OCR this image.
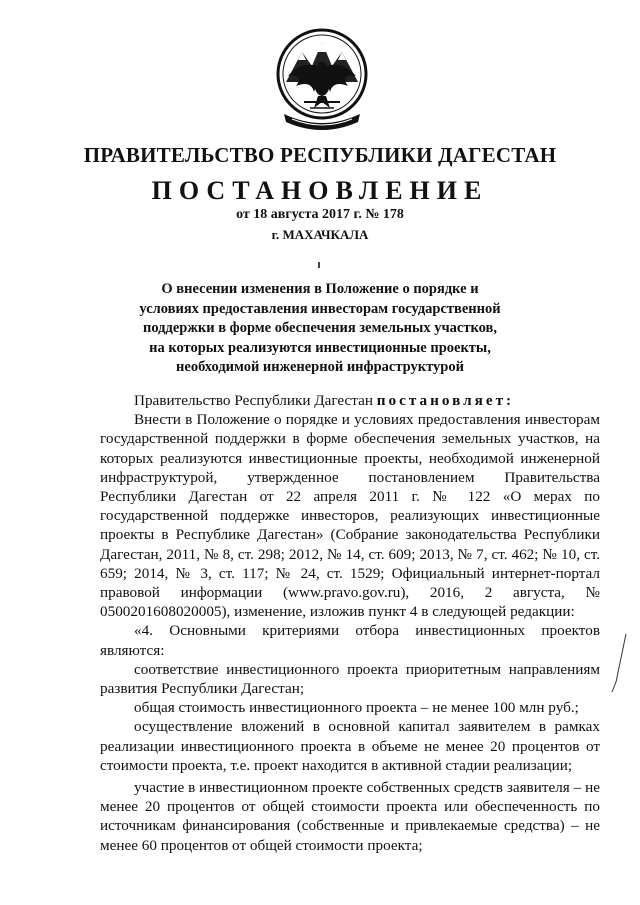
ПРАВИТЕЛЬСТВО РЕСПУБЛИКИ ДАГЕСТАН
ПОСТАНОВЛЕНИЕ
от 18 августа 2017 г. № 178
г. МАХАЧКАЛА
О внесении изменения в Положение о порядке и
условиях предоставления инвесторам государственной
поддержки в форме обеспечения земельных участков,
на которых реализуются инвестиционные проекты,
необходимой инженерной инфраструктурой

Правительство Республики Дагестан постановляет:

Внести в Положение о порядке и условиях предоставления инвесторам государственной поддержки в форме обеспечения земельных участков, на которых реализуются инвестиционные проекты, необходимой инженерной инфраструктурой, утвержденное постановлением Правительства Республики Дагестан от 22 апреля 2011 г. № 122 «О мерах по государственной поддержке инвесторов, реализующих инвестиционные проекты в Республике Дагестан» (Собрание законодательства Республики Дагестан, 2011, № 8, ст. 298; 2012, № 14, ст. 609; 2013, № 7, ст. 462; № 10, ст. 659; 2014, № 3, ст. 117; № 24, ст. 1529; Официальный интернет-портал правовой информации (www.pravo.gov.ru), 2016, 2 августа, № 0500201608020005), изменение, изложив пункт 4 в следующей редакции:

«4. Основными критериями отбора инвестиционных проектов являются:

соответствие инвестиционного проекта приоритетным направлениям развития Республики Дагестан;

общая стоимость инвестиционного проекта – не менее 100 млн руб.;

осуществление вложений в основной капитал заявителем в рамках реализации инвестиционного проекта в объеме не менее 20 процентов от стоимости проекта, т.е. проект находится в активной стадии реализации;

участие в инвестиционном проекте собственных средств заявителя – не менее 20 процентов от общей стоимости проекта или обеспеченность по источникам финансирования (собственные и привлекаемые средства) – не менее 60 процентов от общей стоимости проекта;
